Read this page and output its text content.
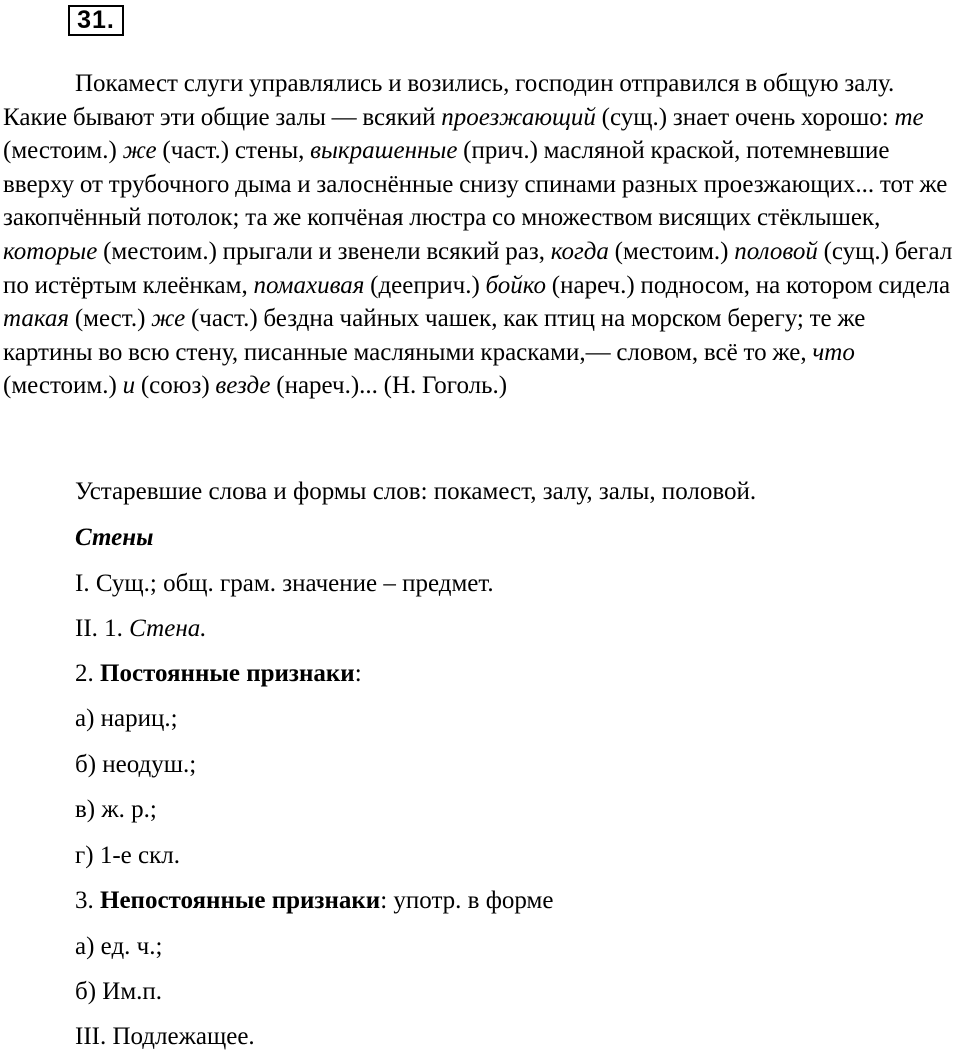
31.

Покамест слуги управлялись и возились, господин отправился в общую залу. Какие бывают эти общие залы — всякий проезжающий (сущ.) знает очень хорошо: те (местоим.) же (част.) стены, выкрашенные (прич.) масляной краской, потемневшие вверху от трубочного дыма и залоснённые снизу спинами разных проезжающих... тот же закопчённый потолок; та же копчёная люстра со множеством висящих стёклышек, которые (местоим.) прыгали и звенели всякий раз, когда (местоим.) половой (сущ.) бегал по истёртым клеёнкам, помахивая (дееприч.) бойко (нареч.) подносом, на котором сидела такая (мест.) же (част.) бездна чайных чашек, как птиц на морском берегу; те же картины во всю стену, писанные масляными красками,— словом, всё то же, что (местоим.) и (союз) везде (нареч.)... (Н. Гоголь.)

Устаревшие слова и формы слов: покамест, залу, залы, половой.

Стены

I. Сущ.; общ. грам. значение – предмет.

II. 1. Стена.

2. Постоянные признаки:

а) нариц.;

б) неодуш.;

в) ж. р.;

г) 1-е скл.

3. Непостоянные признаки: употр. в форме

а) ед. ч.;

б) Им.п.

III. Подлежащее.
